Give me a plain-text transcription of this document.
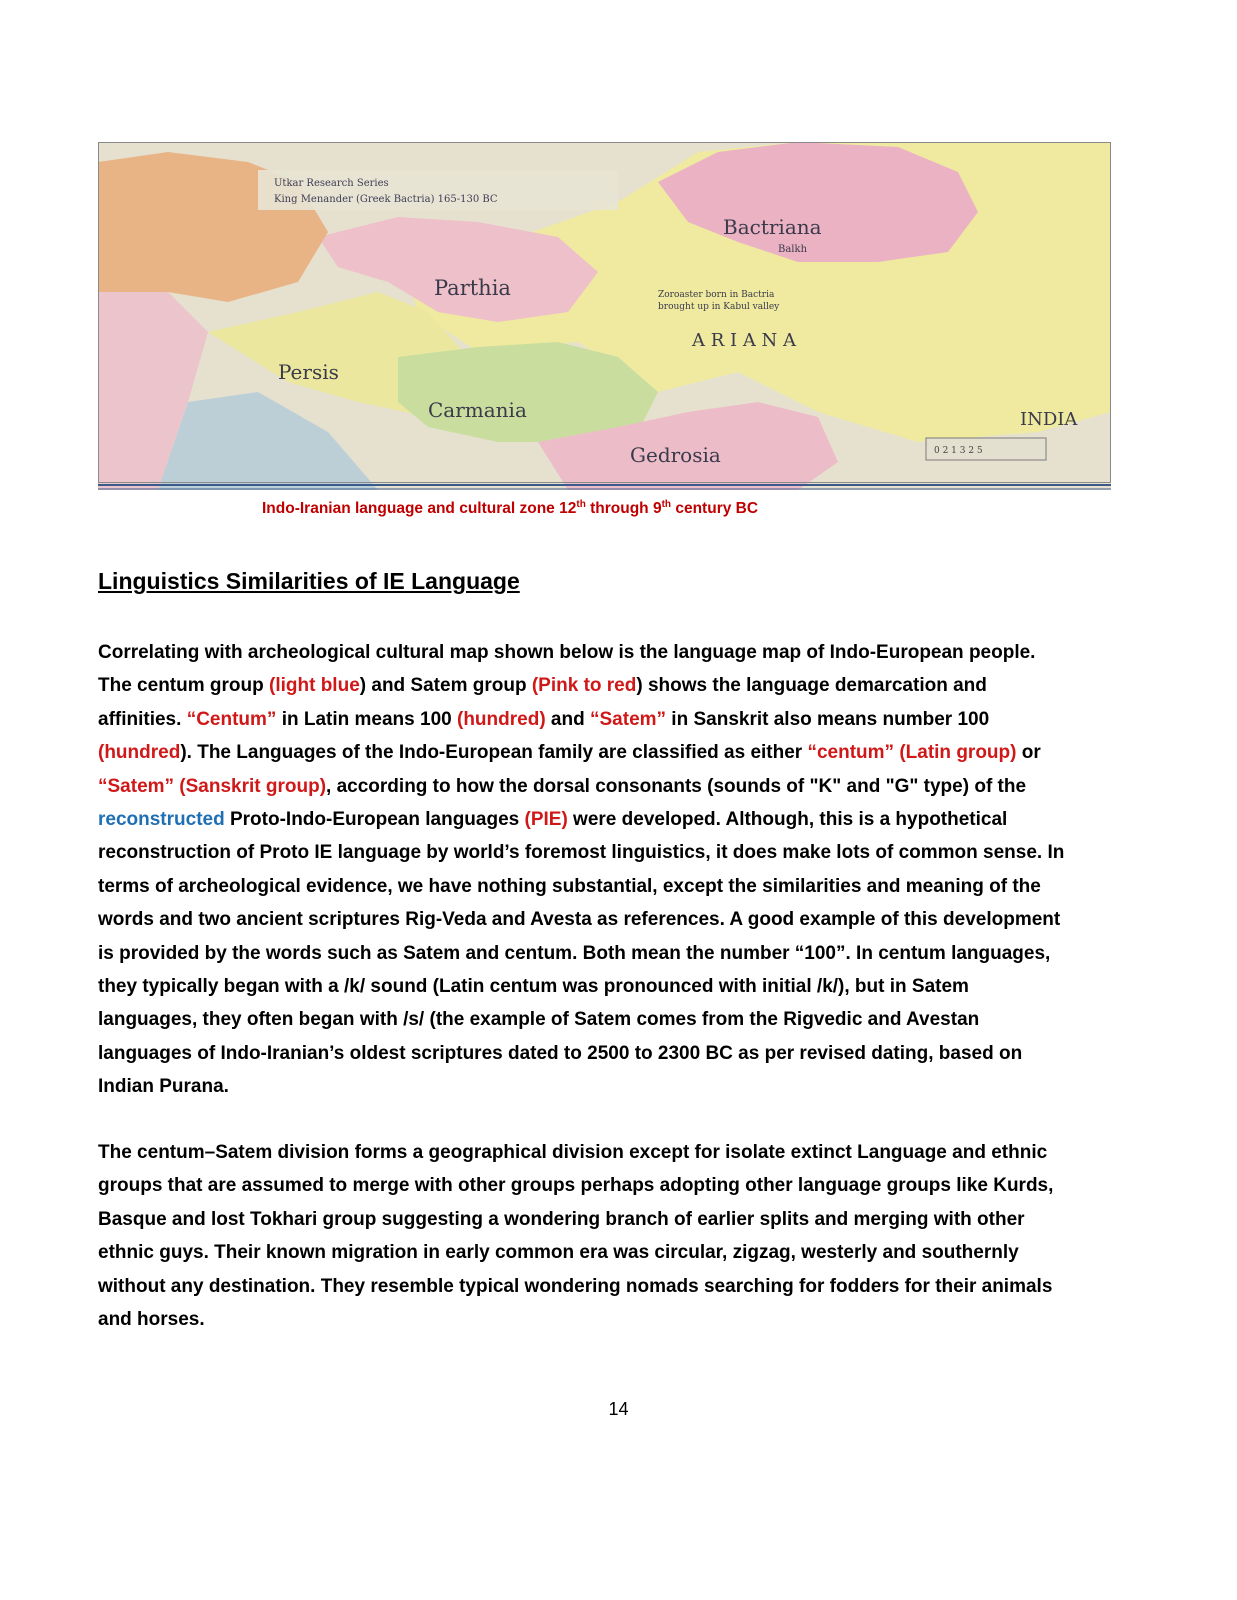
Utkar Research Series
King Menander (Greek Bactria) 165-130 BC
Bactriana
Balkh
Parthia
A R I A N A
Persis
Carmania
Gedrosia
INDIA
Zoroaster born in Bactria
brought up in Kabul valley
0 2 1 3 2 5
Indo-Iranian language and cultural zone 12th through 9th century BC
Linguistics Similarities of IE Language
Correlating with archeological cultural map shown below is the language map of Indo-European people.
The centum group (light blue) and Satem group (Pink to red) shows the language demarcation and
affinities. “Centum” in Latin means 100 (hundred) and “Satem” in Sanskrit also means number 100
(hundred). The Languages of the Indo-European family are classified as either “centum” (Latin group) or
“Satem” (Sanskrit group), according to how the dorsal consonants (sounds of "K" and "G" type) of the
reconstructed Proto-Indo-European languages (PIE) were developed. Although, this is a hypothetical
reconstruction of Proto IE language by world’s foremost linguistics, it does make lots of common sense. In
terms of archeological evidence, we have nothing substantial, except the similarities and meaning of the
words and two ancient scriptures Rig-Veda and Avesta as references. A good example of this development
is provided by the words such as Satem and centum. Both mean the number “100”. In centum languages,
they typically began with a /k/ sound (Latin centum was pronounced with initial /k/), but in Satem
languages, they often began with /s/ (the example of Satem comes from the Rigvedic and Avestan
languages of Indo-Iranian’s oldest scriptures dated to 2500 to 2300 BC as per revised dating, based on
Indian Purana.
The centum–Satem division forms a geographical division except for isolate extinct Language and ethnic
groups that are assumed to merge with other groups perhaps adopting other language groups like Kurds,
Basque and lost Tokhari group suggesting a wondering branch of earlier splits and merging with other
ethnic guys. Their known migration in early common era was circular, zigzag, westerly and southernly
without any destination. They resemble typical wondering nomads searching for fodders for their animals
and horses.
14
